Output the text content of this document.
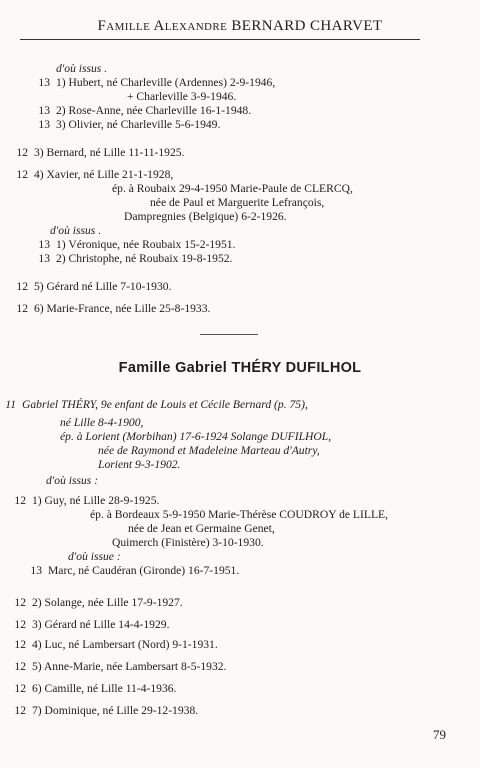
Famille Alexandre BERNARD CHARVET
d'où issus .
13 1) Hubert, né Charleville (Ardennes) 2-9-1946,
+ Charleville 3-9-1946.
13 2) Rose-Anne, née Charleville 16-1-1948.
13 3) Olivier, né Charleville 5-6-1949.
12 3) Bernard, né Lille 11-11-1925.
12 4) Xavier, né Lille 21-1-1928,
ép. à Roubaix 29-4-1950 Marie-Paule de CLERCQ,
née de Paul et Marguerite Lefrançois,
Dampregnies (Belgique) 6-2-1926.
d'où issus .
13 1) Véronique, née Roubaix 15-2-1951.
13 2) Christophe, né Roubaix 19-8-1952.
12 5) Gérard né Lille 7-10-1930.
12 6) Marie-France, née Lille 25-8-1933.
11 Gabriel THÉRY, 9e enfant de Louis et Cécile Bernard (p. 75),
né Lille 8-4-1900,
ép. à Lorient (Morbihan) 17-6-1924 Solange DUFILHOL,
née de Raymond et Madeleine Marteau d'Autry,
Lorient 9-3-1902.
d'où issus :
12 1) Guy, né Lille 28-9-1925.
ép. à Bordeaux 5-9-1950 Marie-Thérèse COUDROY de LILLE,
née de Jean et Germaine Genet,
Quimerch (Finistère) 3-10-1930.
d'où issue :
13 Marc, né Caudéran (Gironde) 16-7-1951.
12 2) Solange, née Lille 17-9-1927.
12 3) Gérard né Lille 14-4-1929.
12 4) Luc, né Lambersart (Nord) 9-1-1931.
12 5) Anne-Marie, née Lambersart 8-5-1932.
12 6) Camille, né Lille 11-4-1936.
12 7) Dominique, né Lille 29-12-1938.
Famille Gabriel THÉRY DUFILHOL
79
